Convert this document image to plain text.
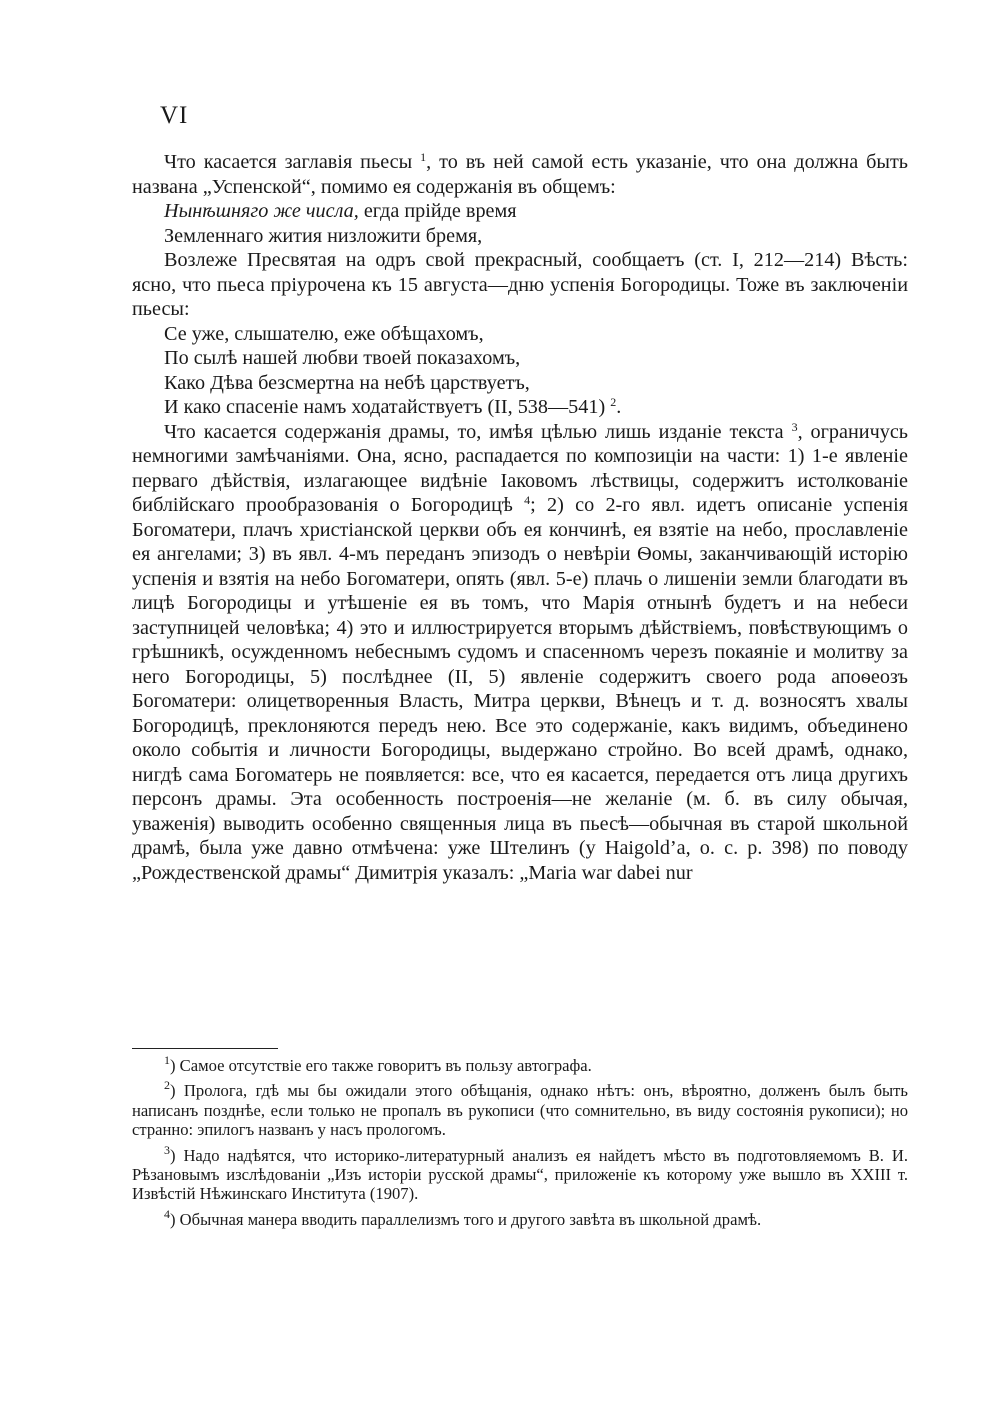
VI

Что касается заглавія пьесы $^1$, то въ ней самой есть указаніе, что она должна быть названа „Успенской“, помимо ея содержанія въ общемъ:

Нынѣшняго же числа, егда прійде время
Земленнаго жития низложити бремя,

Возлеже Пресвятая на одръ свой прекрасный, сообщаетъ (ст. I, 212—214) Вѣсть: ясно, что пьеса пріурочена къ 15 августа—дню успенія Богородицы. Тоже въ заключеніи пьесы:

Се уже, слышателю, еже обѣщахомъ,
По сылѣ нашей любви твоей показахомъ,
Како Дѣва безсмертна на небѣ царствуетъ,
И како спасеніе намъ ходатайствуетъ (II, 538—541) $^2$.

Что касается содержанія драмы, то, имѣя цѣлью лишь изданіе текста $^3$, ограничусь немногими замѣчаніями. Она, ясно, распадается по композиціи на части: 1) 1-е явленіе перваго дѣйствія, излагающее видѣніе Іаковомъ лѣствицы, содержитъ истолкованіе библійскаго прообразованія о Богородицѣ $^4$; 2) со 2-го явл. идетъ описаніе успенія Богоматери, плачъ христіанской церкви объ ея кончинѣ, ея взятіе на небо, прославленіе ея ангелами; 3) въ явл. 4-мъ переданъ эпизодъ о невѣріи Ѳомы, заканчивающій исторію успенія и взятія на небо Богоматери, опять (явл. 5-е) плачь о лишеніи земли благодати въ лицѣ Богородицы и утѣшеніе ея въ томъ, что Марія отнынѣ будетъ и на небеси заступницей человѣка; 4) это и иллюстрируется вторымъ дѣйствіемъ, повѣствующимъ о грѣшникѣ, осужденномъ небеснымъ судомъ и спасенномъ черезъ покаяніе и молитву за него Богородицы, 5) послѣднее (II, 5) явленіе содержитъ своего рода апоѳеозъ Богоматери: олицетворенныя Власть, Митра церкви, Вѣнецъ и т. д. возносятъ хвалы Богородицѣ, преклоняются передъ нею. Все это содержаніе, какъ видимъ, объединено около событія и личности Богородицы, выдержано стройно. Во всей драмѣ, однако, нигдѣ сама Богоматерь не появляется: все, что ея касается, передается отъ лица другихъ персонъ драмы. Эта особенность построенія—не желаніе (м. б. въ силу обычая, уваженія) выводить особенно священныя лица въ пьесѣ—обычная въ старой школьной драмѣ, была уже давно отмѣчена: уже Штелинъ (у Haigold’a, o. c. p. 398) по поводу „Рождественской драмы“ Димитрія указалъ: „Maria war dabei nur

$^1$) Самое отсутствіе его также говоритъ въ пользу автографа.

$^2$) Пролога, гдѣ мы бы ожидали этого обѣщанія, однако нѣтъ: онъ, вѣроятно, долженъ былъ быть написанъ позднѣе, если только не пропалъ въ рукописи (что сомнительно, въ виду состоянія рукописи); но странно: эпилогъ названъ у насъ прологомъ.

$^3$) Надо надѣятся, что историко-литературный анализъ ея найдетъ мѣсто въ подготовляемомъ В. И. Рѣзановымъ изслѣдованіи „Изъ исторіи русской драмы“, приложеніе къ которому уже вышло въ XXIII т. Извѣстій Нѣжинскаго Института (1907).

$^4$) Обычная манера вводить параллелизмъ того и другого завѣта въ школьной драмѣ.
